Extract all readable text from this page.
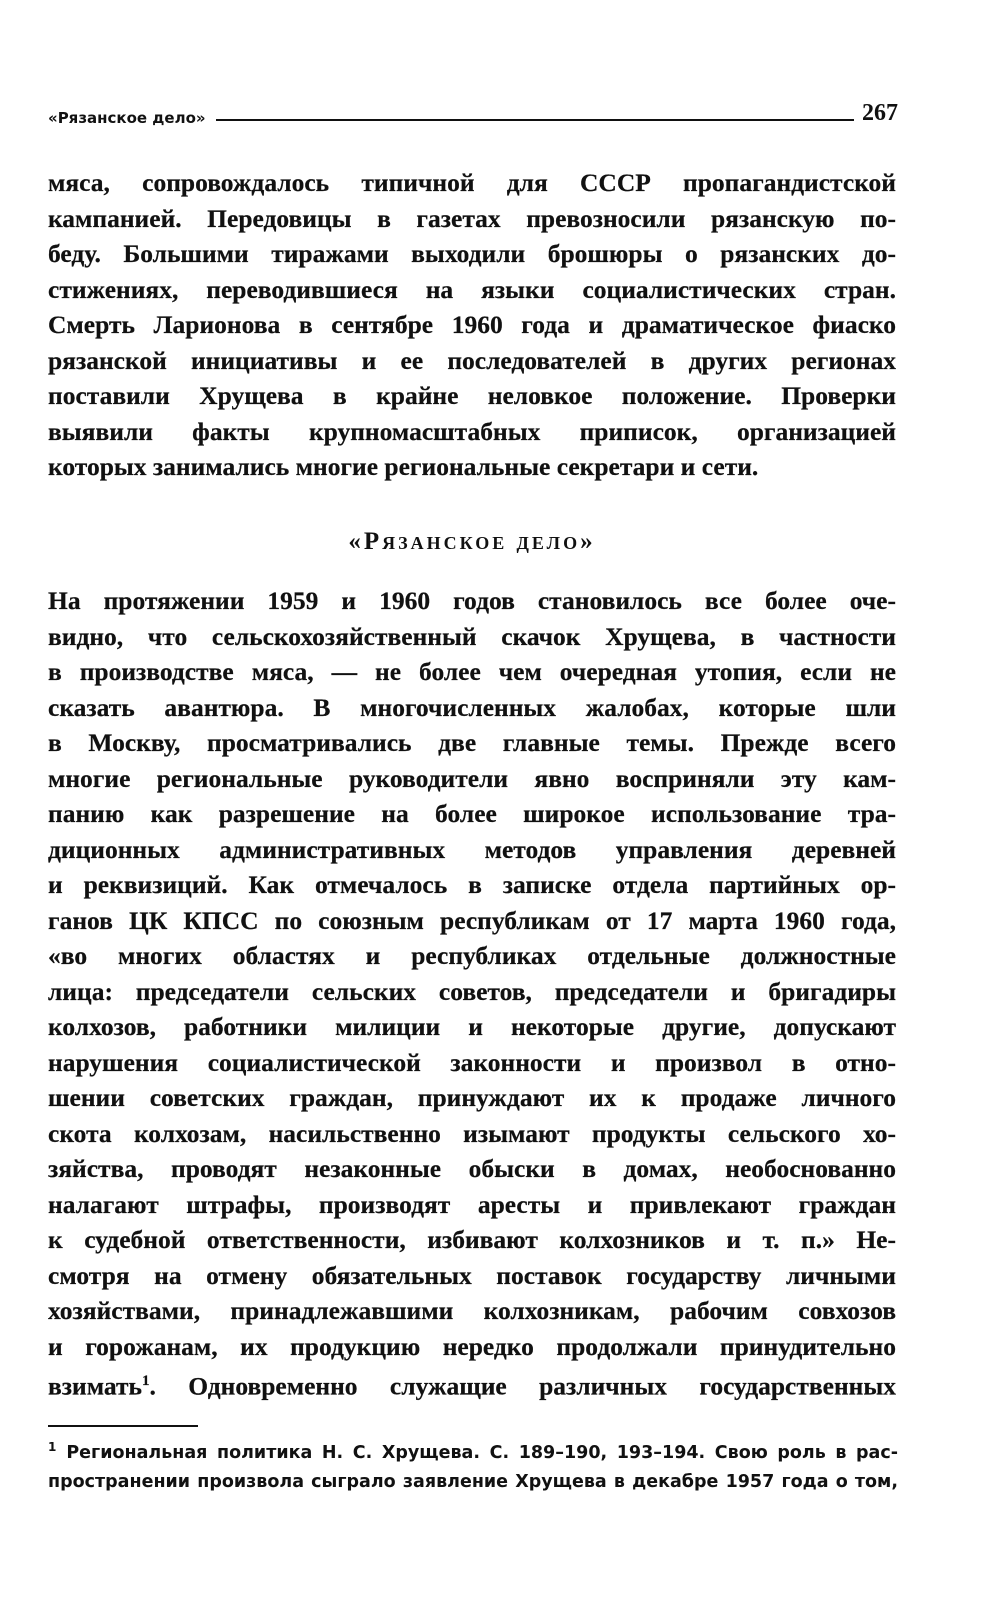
«Рязанское дело»	267

мяса, сопровождалось типичной для СССР пропагандистской
кампанией. Передовицы в газетах превозносили рязанскую по-
беду. Большими тиражами выходили брошюры о рязанских до-
стижениях, переводившиеся на языки социалистических стран.
Смерть Ларионова в сентябре 1960 года и драматическое фиаско
рязанской инициативы и ее последователей в других регионах
поставили Хрущева в крайне неловкое положение. Проверки
выявили факты крупномасштабных приписок, организацией
которых занимались многие региональные секретари и сети.

«Рязанское дело»

На протяжении 1959 и 1960 годов становилось все более оче-
видно, что сельскохозяйственный скачок Хрущева, в частности
в производстве мяса, — не более чем очередная утопия, если не
сказать авантюра. В многочисленных жалобах, которые шли
в Москву, просматривались две главные темы. Прежде всего
многие региональные руководители явно восприняли эту кам-
панию как разрешение на более широкое использование тра-
диционных административных методов управления деревней
и реквизиций. Как отмечалось в записке отдела партийных ор-
ганов ЦК КПСС по союзным республикам от 17 марта 1960 года,
«во многих областях и республиках отдельные должностные
лица: председатели сельских советов, председатели и бригадиры
колхозов, работники милиции и некоторые другие, допускают
нарушения социалистической законности и произвол в отно-
шении советских граждан, принуждают их к продаже личного
скота колхозам, насильственно изымают продукты сельского хо-
зяйства, проводят незаконные обыски в домах, необоснованно
налагают штрафы, производят аресты и привлекают граждан
к судебной ответственности, избивают колхозников и т. п.» Не-
смотря на отмену обязательных поставок государству личными
хозяйствами, принадлежавшими колхозникам, рабочим совхозов
и горожанам, их продукцию нередко продолжали принудительно
взимать$^1$. Одновременно служащие различных государственных

$^1$ Региональная политика Н. С. Хрущева. С. 189–190, 193–194. Свою роль в рас-
пространении произвола сыграло заявление Хрущева в декабре 1957 года о том,
